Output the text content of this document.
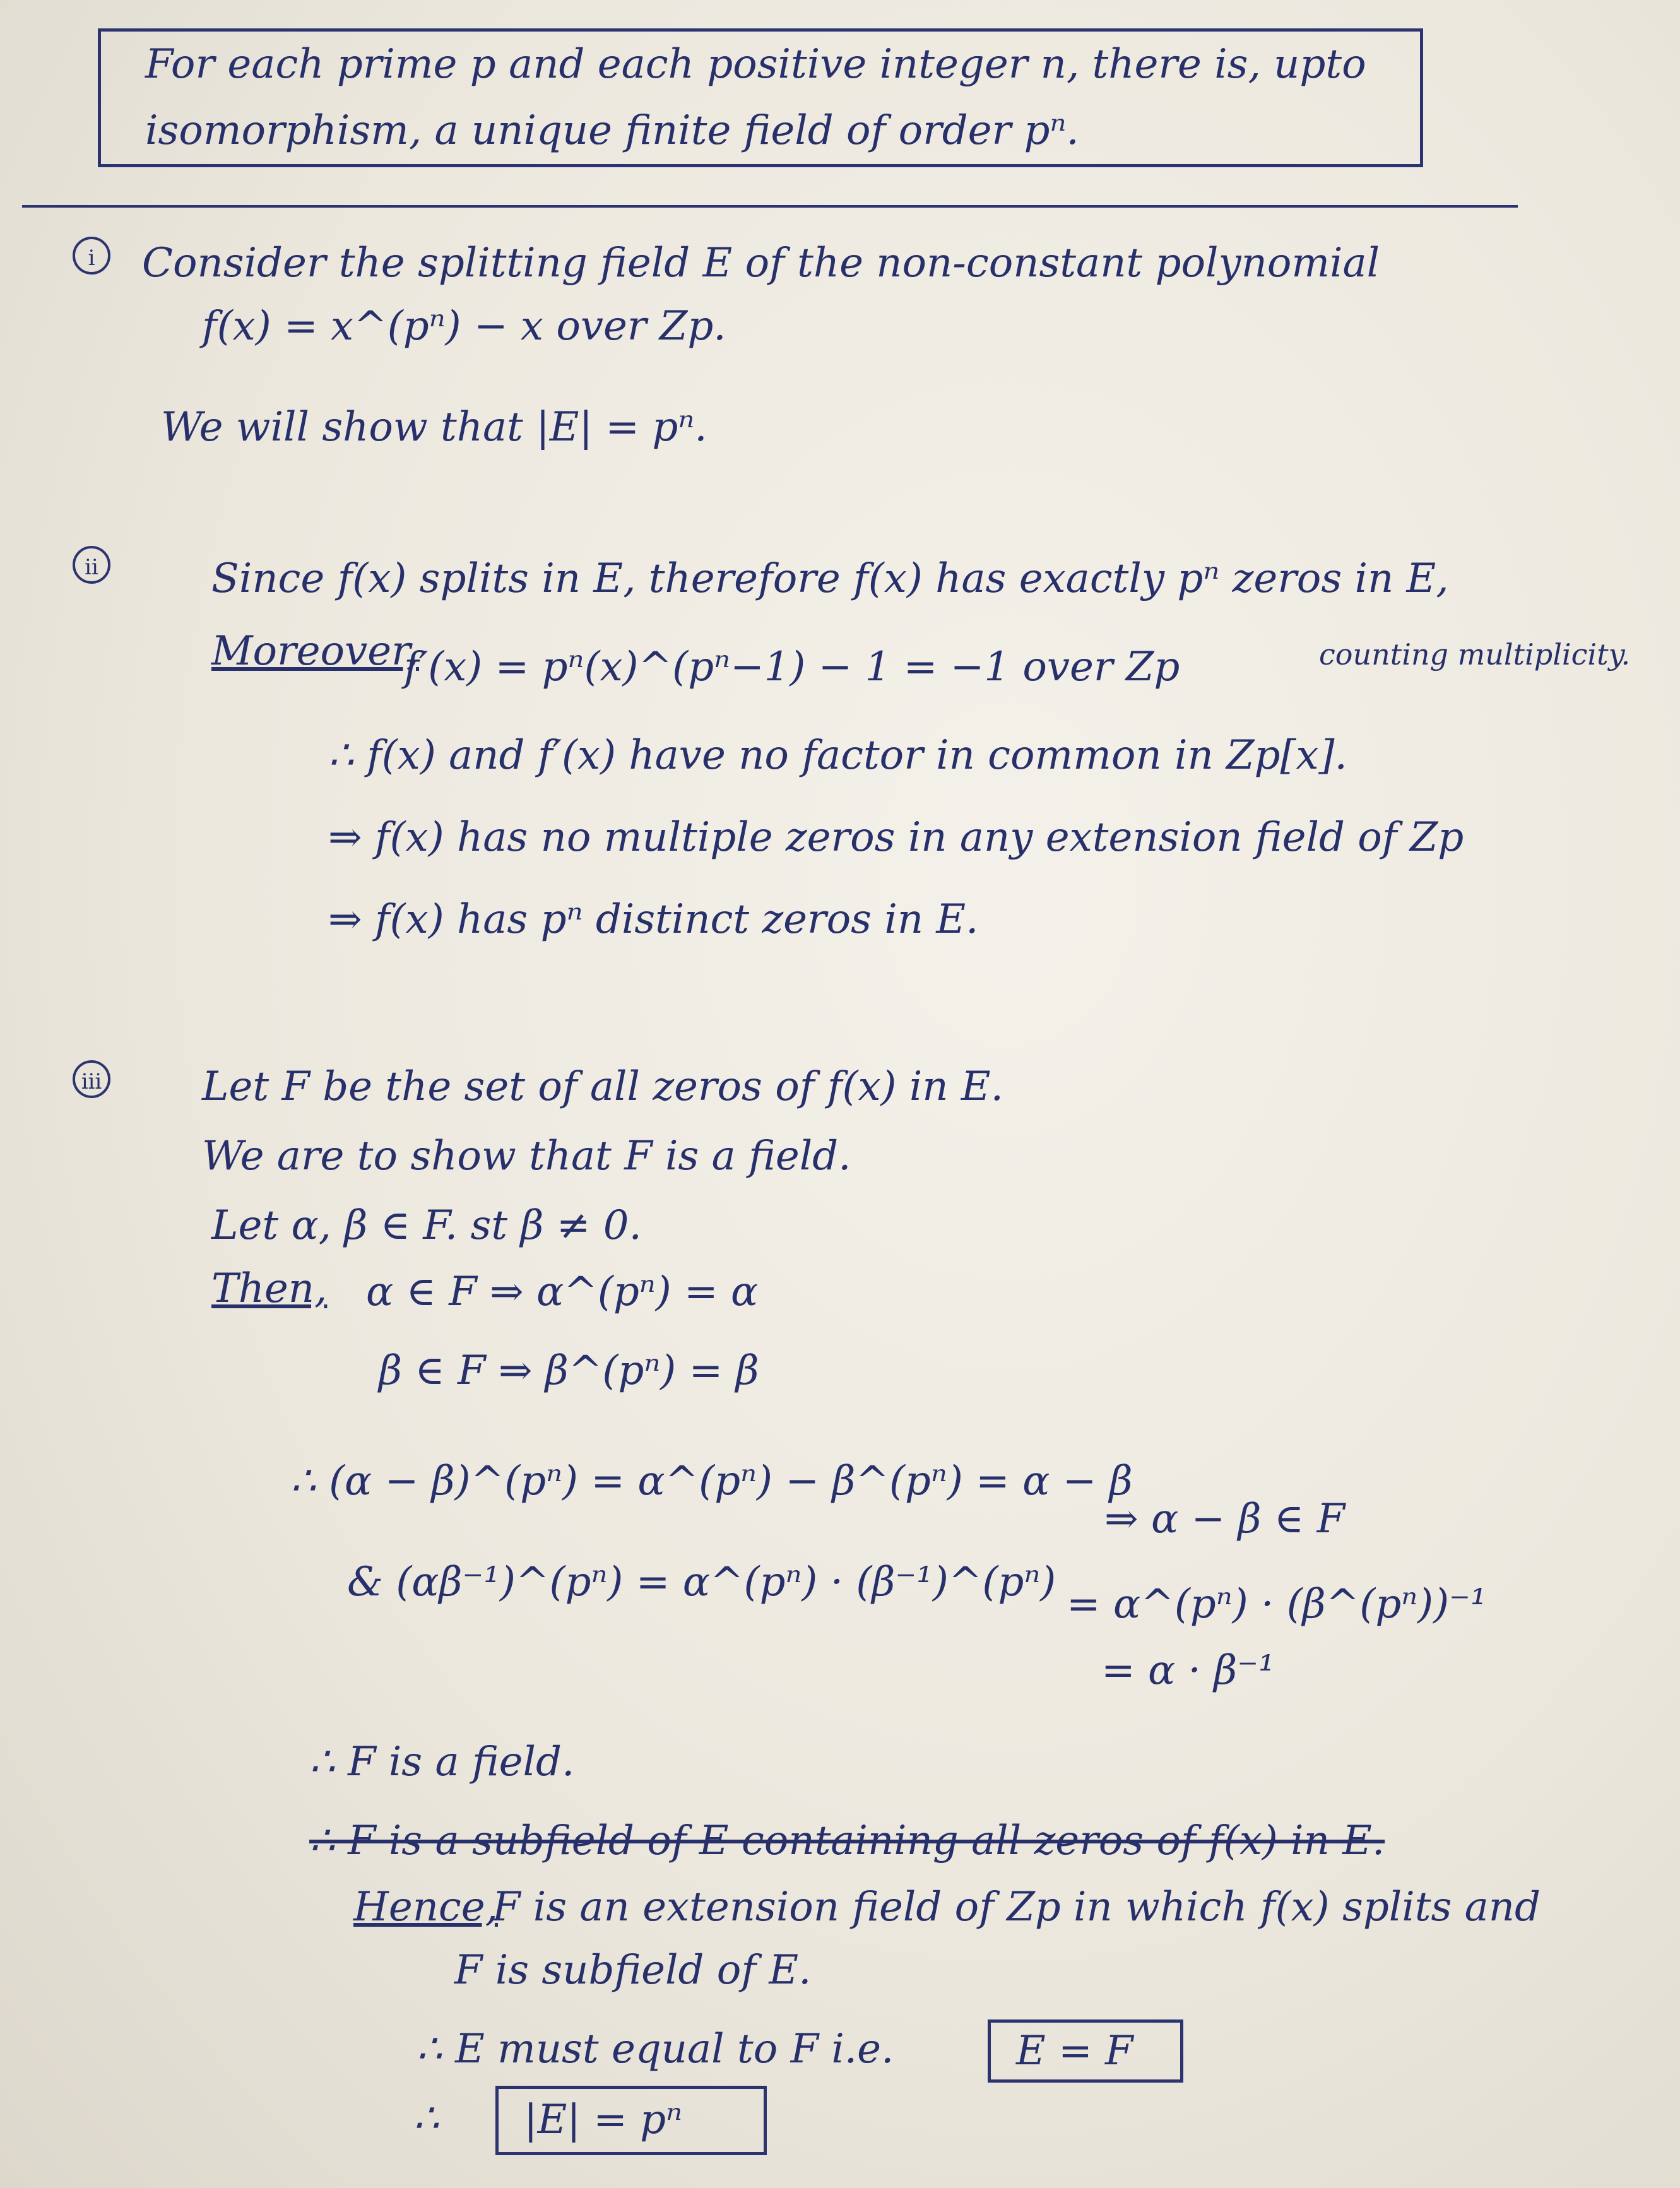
For each prime p and each positive integer n, there is, upto
isomorphism, a unique finite field of order pⁿ.
i	Consider the splitting field E of the non-constant polynomial
f(x) = x^(pⁿ) − x over Zp.
We will show that |E| = pⁿ.
ii	Since f(x) splits in E, therefore f(x) has exactly pⁿ zeros in E,
counting multiplicity.
Moreover,
f′(x) = pⁿ(x)^(pⁿ−1) − 1 = −1 over Zp
∴ f(x) and f′(x) have no factor in common in Zp[x].
⇒ f(x) has no multiple zeros in any extension field of Zp
⇒ f(x) has pⁿ distinct zeros in E.
iii Let F be the set of all zeros of f(x) in E.
We are to show that F is a field.
Let α, β ∈ F. st β ≠ 0.
Then, α ∈ F ⇒ α^(pⁿ) = α
β ∈ F ⇒ β^(pⁿ) = β
∴ (α − β)^(pⁿ) = α^(pⁿ) − β^(pⁿ) = α − β
⇒ α − β ∈ F
& (αβ⁻¹)^(pⁿ) = α^(pⁿ) · (β⁻¹)^(pⁿ) = α^(pⁿ) · (β^(pⁿ))⁻¹
= α · β⁻¹
∴ F is a field.
∴ F is a subfield of E containing all zeros of f(x) in E.
Hence,
F is an extension field of Zp in which f(x) splits and
F is subfield of E.
∴ E must equal to F i.e.	E = F
|E| = pⁿ
∴
